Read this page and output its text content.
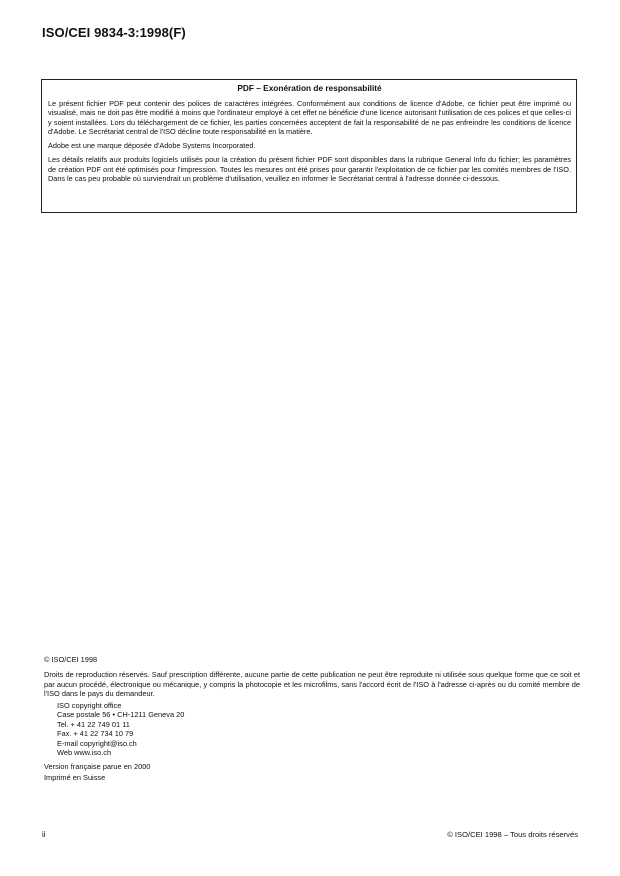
ISO/CEI 9834-3:1998(F)
PDF – Exonération de responsabilité

Le présent fichier PDF peut contenir des polices de caractères intégrées. Conformément aux conditions de licence d'Adobe, ce fichier peut être imprimé ou visualisé, mais ne doit pas être modifié à moins que l'ordinateur employé à cet effet ne bénéficie d'une licence autorisant l'utilisation de ces polices et que celles-ci y soient installées. Lors du téléchargement de ce fichier, les parties concernées acceptent de fait la responsabilité de ne pas enfreindre les conditions de licence d'Adobe. Le Secrétariat central de l'ISO décline toute responsabilité en la matière.

Adobe est une marque déposée d'Adobe Systems Incorporated.

Les détails relatifs aux produits logiciels utilisés pour la création du présent fichier PDF sont disponibles dans la rubrique General Info du fichier; les paramètres de création PDF ont été optimisés pour l'impression. Toutes les mesures ont été prises pour garantir l'exploitation de ce fichier par les comités membres de l'ISO. Dans le cas peu probable où surviendrait un problème d'utilisation, veuillez en informer le Secrétariat central à l'adresse donnée ci-dessous.

© ISO/CEI 1998
Droits de reproduction réservés. Sauf prescription différente, aucune partie de cette publication ne peut être reproduite ni utilisée sous quelque forme que ce soit et par aucun procédé, électronique ou mécanique, y compris la photocopie et les microfilms, sans l'accord écrit de l'ISO à l'adresse ci-après ou du comité membre de l'ISO dans le pays du demandeur.
ISO copyright office
Case postale 56 • CH-1211 Geneva 20
Tel. + 41 22 749 01 11
Fax. + 41 22 734 10 79
E-mail copyright@iso.ch
Web www.iso.ch
Version française parue en 2000
Imprimé en Suisse
ii	© ISO/CEI 1998 – Tous droits réservés
